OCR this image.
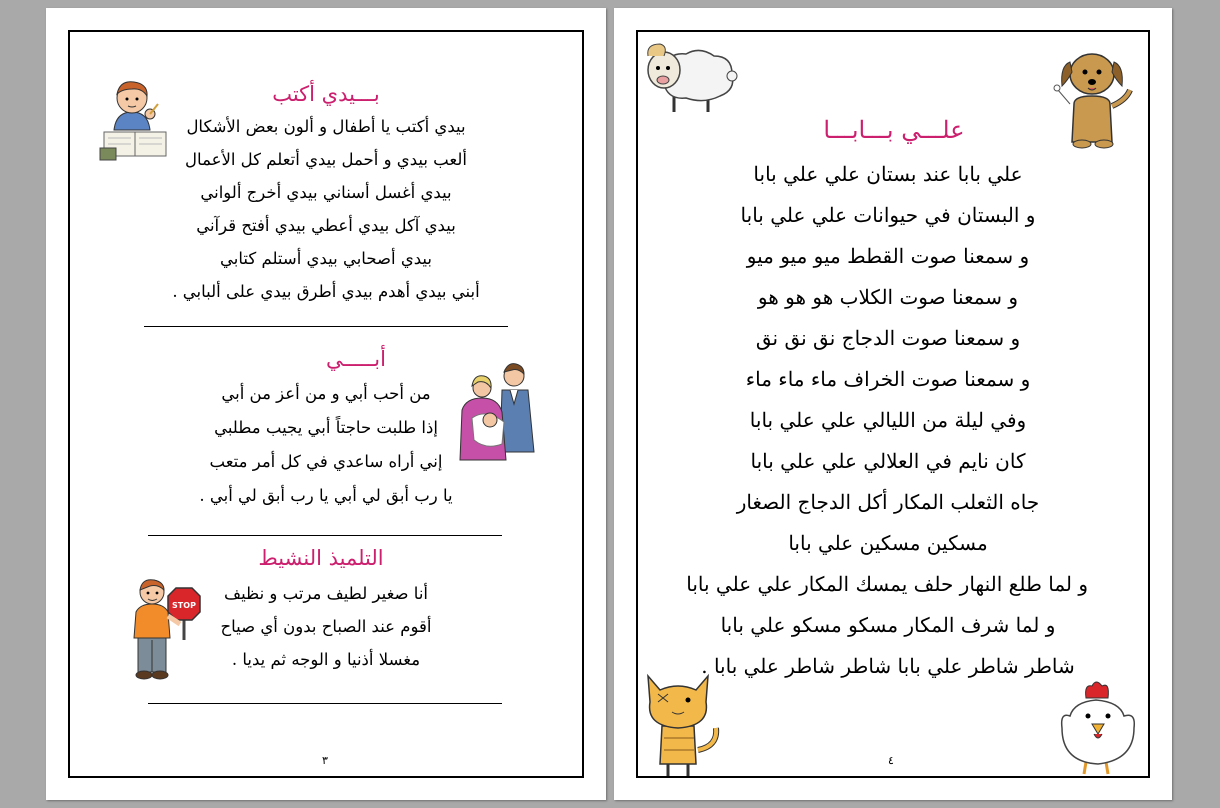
بـــيدي أكتب
بيدي أكتب يا أطفال و ألون بعض الأشكال
ألعب بيدي و أحمل بيدي أتعلم كل الأعمال
بيدي أغسل أسناني بيدي أخرج ألواني
بيدي آكل بيدي أعطي بيدي أفتح قرآني
بيدي أصحابي بيدي أستلم كتابي
أبني بيدي أهدم بيدي أطرق بيدي على ألبابي .
أبـــــي
من أحب أبي و من أعز من أبي
إذا طلبت حاجتاً أبي يجيب مطلبي
إني أراه ساعدي في كل أمر متعب
يا رب أبق لي أبي يا رب أبق لي أبي .
التلميذ النشيط
أنا صغير لطيف مرتب و نظيف
أقوم عند الصباح بدون أي صياح
مغسلا أذنيا و الوجه ثم يديا .
STOP
٣
علـــي بـــابـــا
علي بابا عند بستان علي علي بابا
و البستان في حيوانات علي علي بابا
و سمعنا صوت القطط ميو ميو ميو
و سمعنا صوت الكلاب هو هو هو
و سمعنا صوت الدجاج نق نق نق
و سمعنا صوت الخراف ماء ماء ماء
وفي ليلة من الليالي علي علي بابا
كان نايم في العلالي علي علي بابا
جاه الثعلب المكار أكل الدجاج الصغار
مسكين مسكين علي بابا
و لما طلع النهار حلف يمسك المكار علي علي بابا
و لما شرف المكار مسكو مسكو علي بابا
شاطر شاطر علي بابا شاطر شاطر علي بابا .
٤
